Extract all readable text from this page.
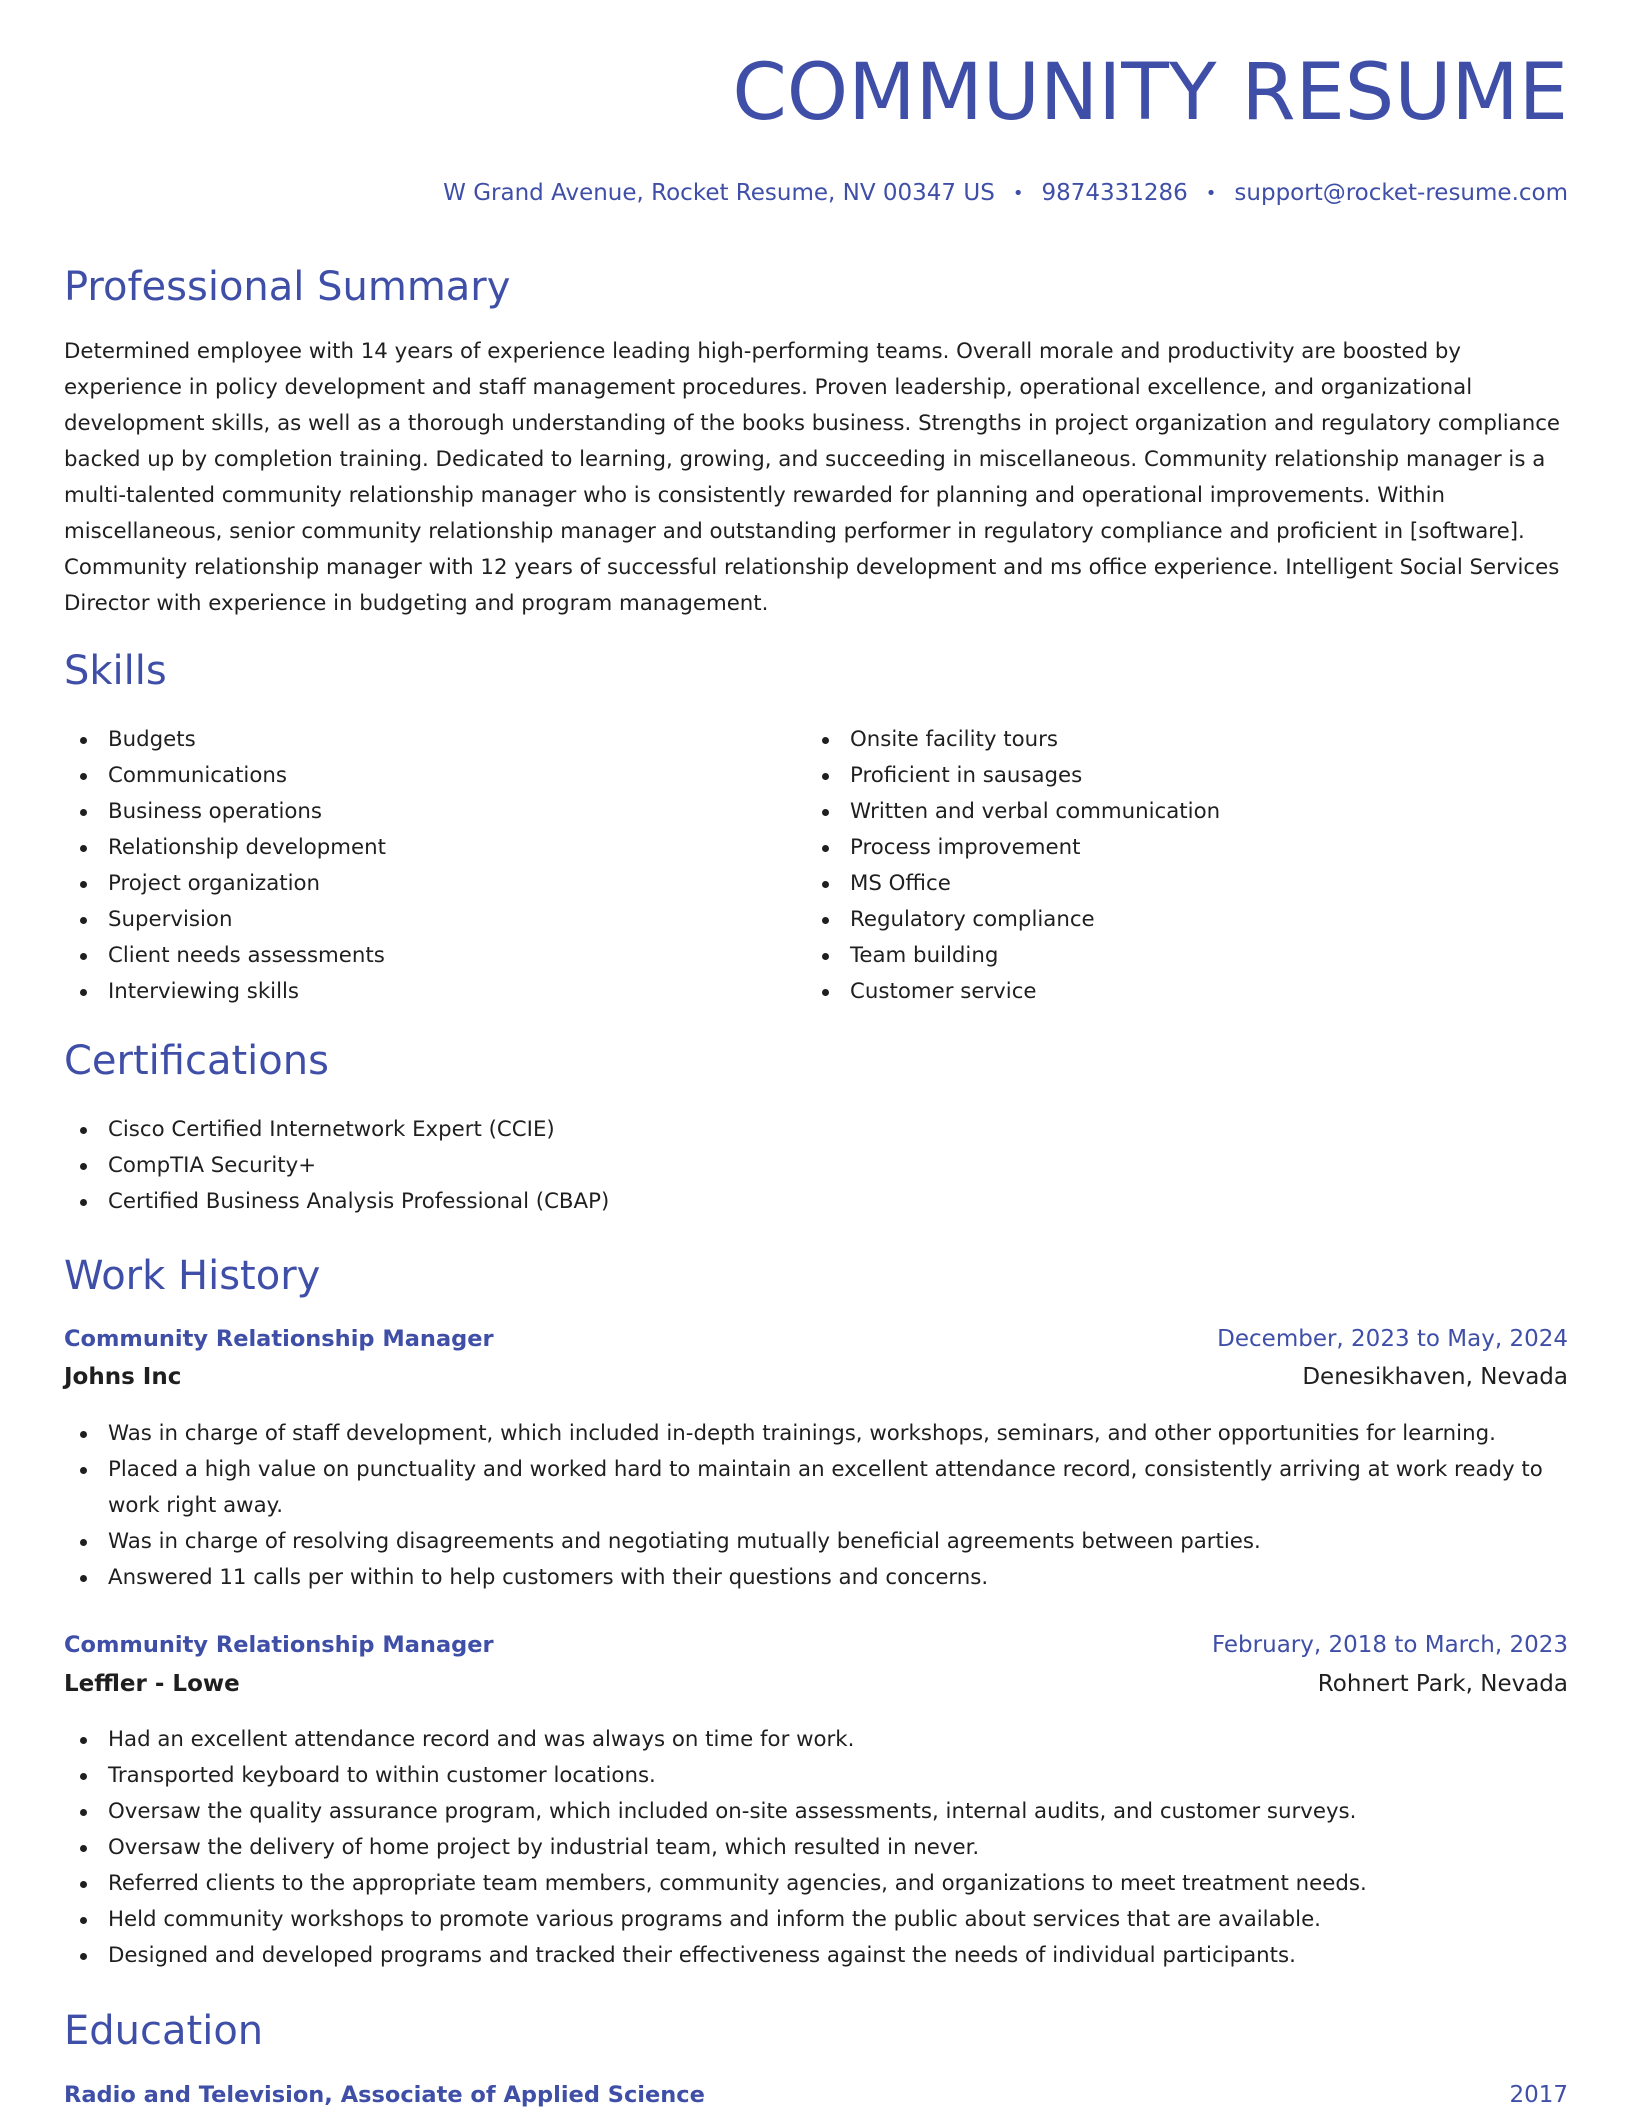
COMMUNITY RESUME
W Grand Avenue, Rocket Resume, NV 00347 US • 9874331286 • support@rocket-resume.com
Professional Summary

Determined employee with 14 years of experience leading high-performing teams. Overall morale and productivity are boosted by experience in policy development and staff management procedures. Proven leadership, operational excellence, and organizational development skills, as well as a thorough understanding of the books business. Strengths in project organization and regulatory compliance backed up by completion training. Dedicated to learning, growing, and succeeding in miscellaneous. Community relationship manager is a multi-talented community relationship manager who is consistently rewarded for planning and operational improvements. Within miscellaneous, senior community relationship manager and outstanding performer in regulatory compliance and proficient in [software]. Community relationship manager with 12 years of successful relationship development and ms office experience. Intelligent Social Services Director with experience in budgeting and program management.

Skills
Budgets
Communications
Business operations
Relationship development
Project organization
Supervision
Client needs assessments
Interviewing skills
Onsite facility tours
Proficient in sausages
Written and verbal communication
Process improvement
MS Office
Regulatory compliance
Team building
Customer service
Certifications
Cisco Certified Internetwork Expert (CCIE)
CompTIA Security+
Certified Business Analysis Professional (CBAP)
Work History
Community Relationship Manager	December, 2023 to May, 2024
Johns Inc	Denesikhaven, Nevada
Was in charge of staff development, which included in-depth trainings, workshops, seminars, and other opportunities for learning.
Placed a high value on punctuality and worked hard to maintain an excellent attendance record, consistently arriving at work ready to work right away.
Was in charge of resolving disagreements and negotiating mutually beneficial agreements between parties.
Answered 11 calls per within to help customers with their questions and concerns.
Community Relationship Manager	February, 2018 to March, 2023
Leffler - Lowe	Rohnert Park, Nevada
Had an excellent attendance record and was always on time for work.
Transported keyboard to within customer locations.
Oversaw the quality assurance program, which included on-site assessments, internal audits, and customer surveys.
Oversaw the delivery of home project by industrial team, which resulted in never.
Referred clients to the appropriate team members, community agencies, and organizations to meet treatment needs.
Held community workshops to promote various programs and inform the public about services that are available.
Designed and developed programs and tracked their effectiveness against the needs of individual participants.
Education
Radio and Television, Associate of Applied Science	2017
